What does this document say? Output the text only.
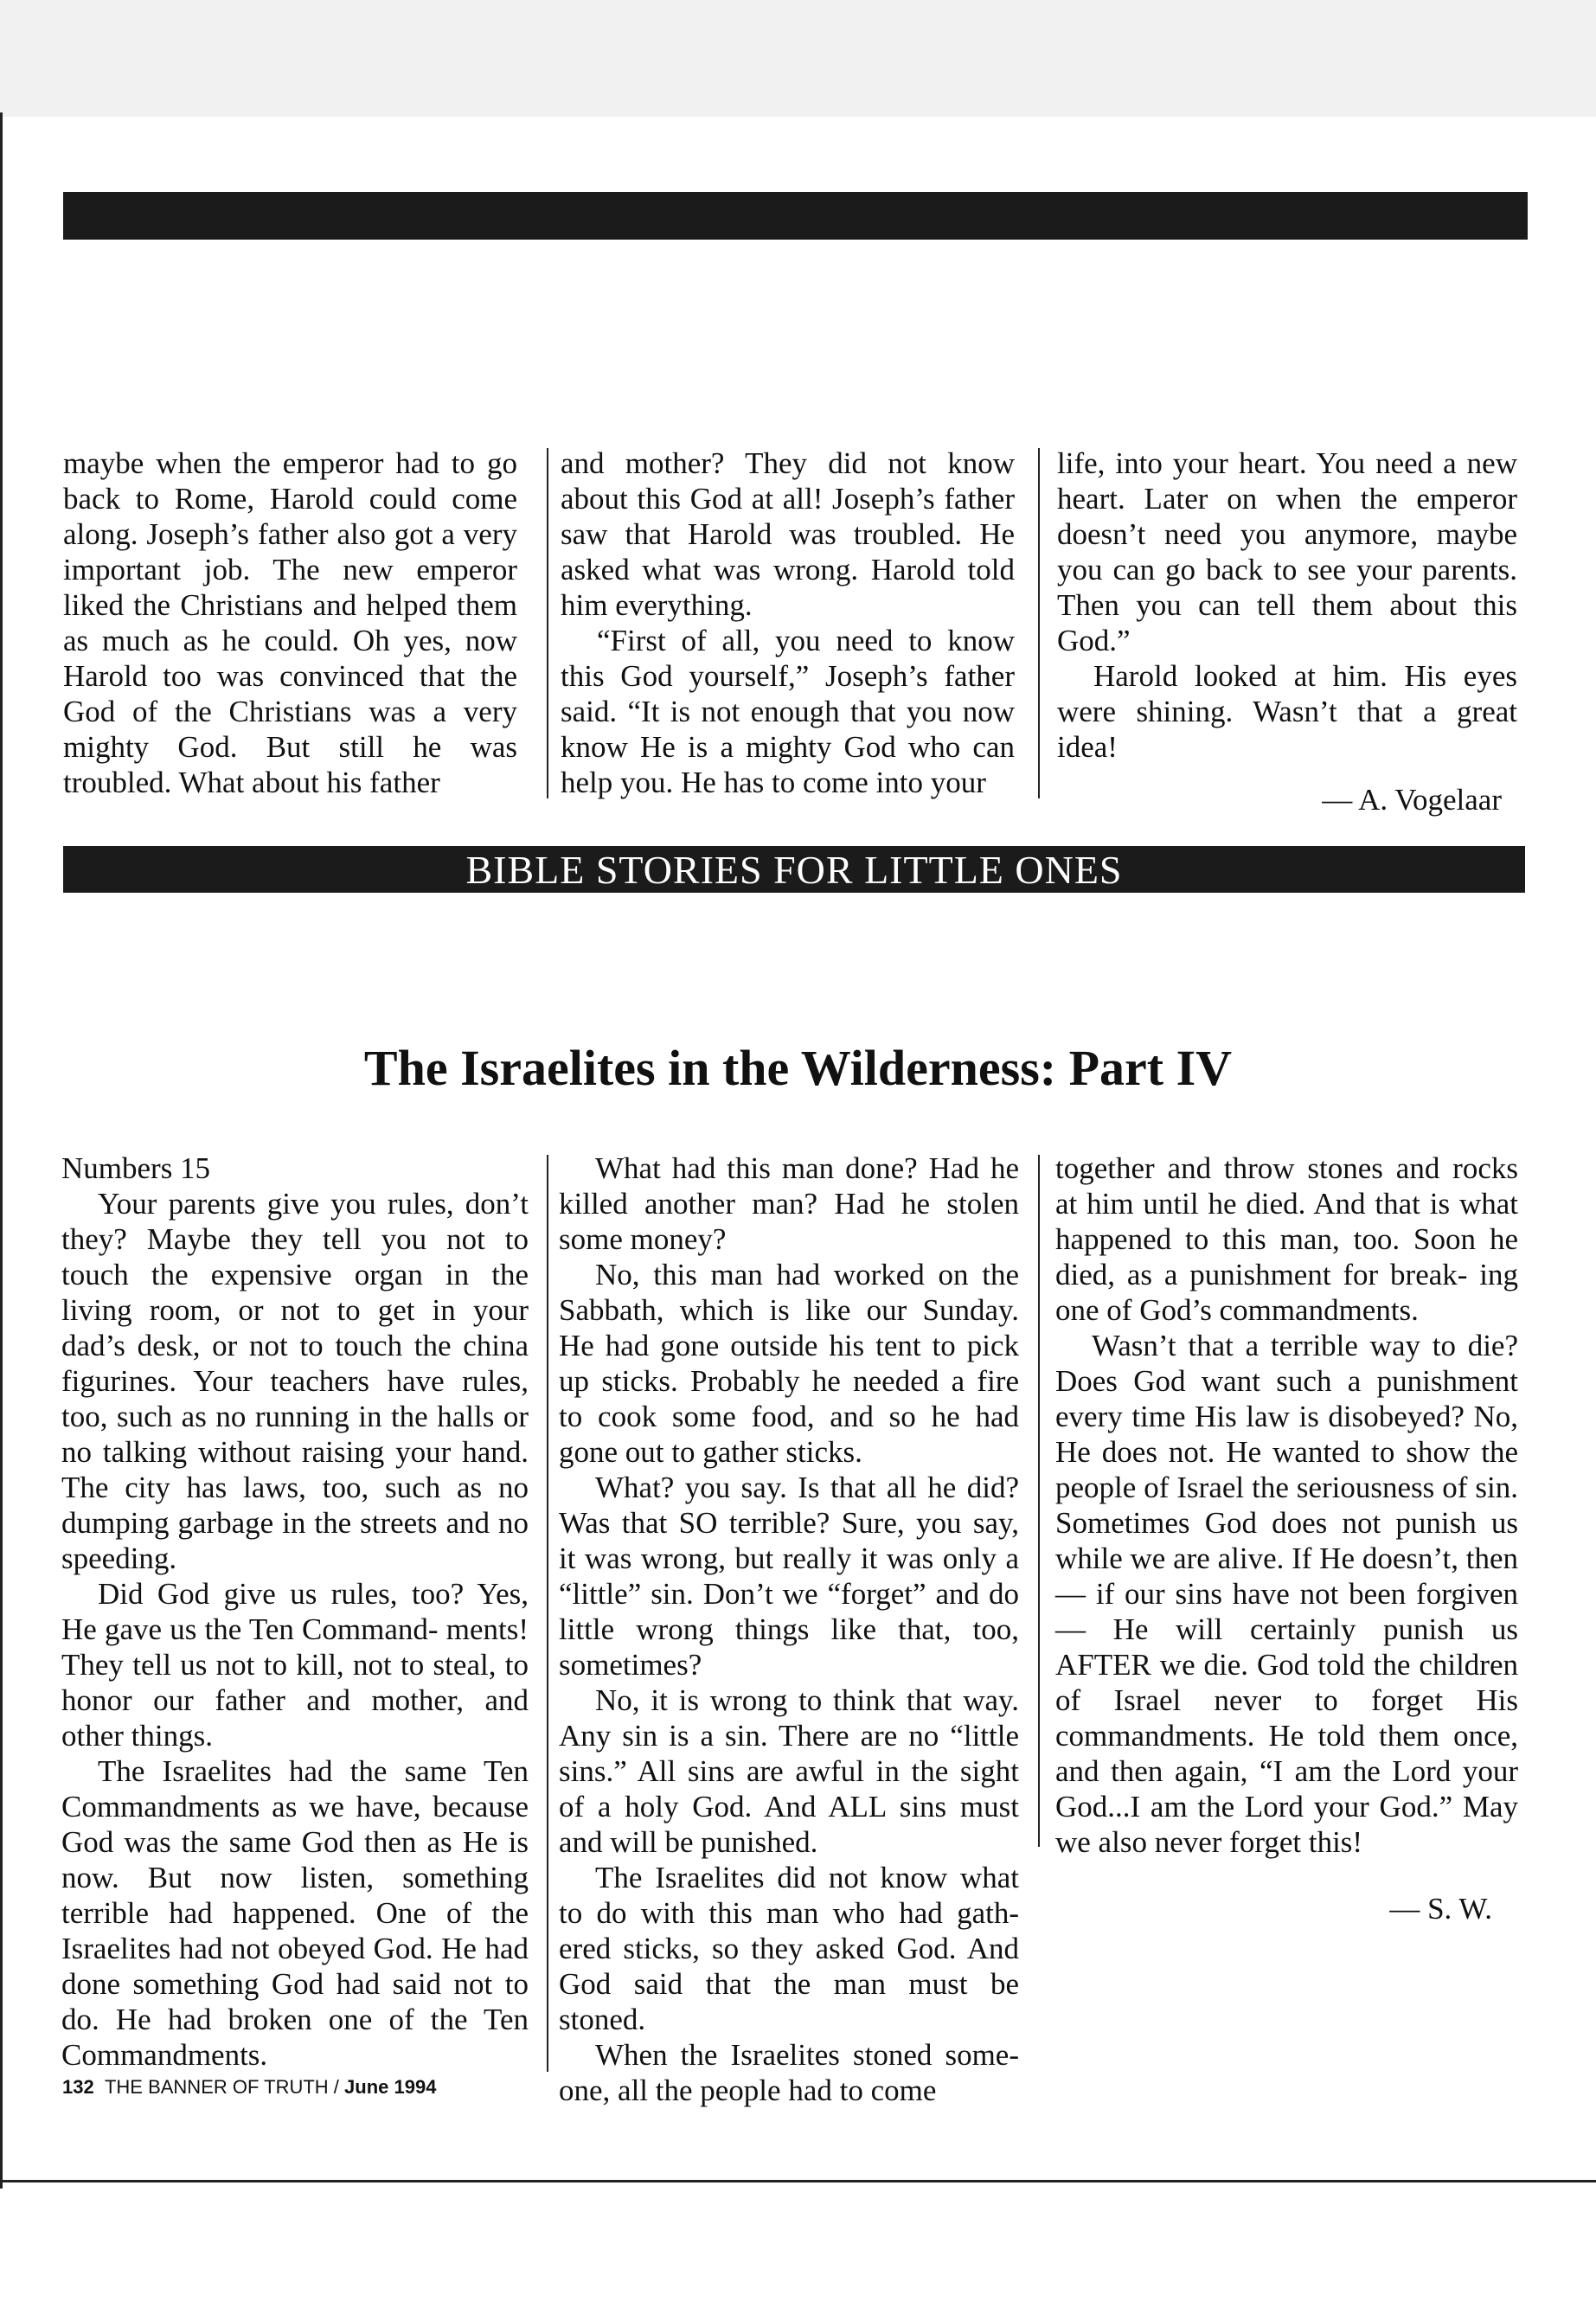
maybe when the emperor had to go back to Rome, Harold could come along. Joseph’s father also got a very important job. The new emperor liked the Christians and helped them as much as he could. Oh yes, now Harold too was convinced that the God of the Christians was a very mighty God. But still he was troubled. What about his father

and mother? They did not know about this God at all! Joseph’s father saw that Harold was troubled. He asked what was wrong. Harold told him everything.

“First of all, you need to know this God yourself,” Joseph’s father said. “It is not enough that you now know He is a mighty God who can help you. He has to come into your

life, into your heart. You need a new heart. Later on when the emperor doesn’t need you anymore, maybe you can go back to see your parents. Then you can tell them about this God.”

Harold looked at him. His eyes were shining. Wasn’t that a great idea!

— A. Vogelaar

BIBLE STORIES FOR LITTLE ONES
The Israelites in the Wilderness: Part IV

Numbers 15

Your parents give you rules, don’t they? Maybe they tell you not to touch the expensive organ in the living room, or not to get in your dad’s desk, or not to touch the china figurines. Your teachers have rules, too, such as no running in the halls or no talking without raising your hand. The city has laws, too, such as no dumping garbage in the streets and no speeding.

Did God give us rules, too? Yes, He gave us the Ten Command- ments! They tell us not to kill, not to steal, to honor our father and mother, and other things.

The Israelites had the same Ten Commandments as we have, because God was the same God then as He is now. But now listen, something terrible had happened. One of the Israelites had not obeyed God. He had done something God had said not to do. He had broken one of the Ten Commandments.

What had this man done? Had he killed another man? Had he stolen some money?

No, this man had worked on the Sabbath, which is like our Sunday. He had gone outside his tent to pick up sticks. Probably he needed a fire to cook some food, and so he had gone out to gather sticks.

What? you say. Is that all he did? Was that SO terrible? Sure, you say, it was wrong, but really it was only a “little” sin. Don’t we “forget” and do little wrong things like that, too, sometimes?

No, it is wrong to think that way. Any sin is a sin. There are no “little sins.” All sins are awful in the sight of a holy God. And ALL sins must and will be punished.

The Israelites did not know what to do with this man who had gath- ered sticks, so they asked God. And God said that the man must be stoned.

When the Israelites stoned some- one, all the people had to come

together and throw stones and rocks at him until he died. And that is what happened to this man, too. Soon he died, as a punishment for break- ing one of God’s commandments.

Wasn’t that a terrible way to die? Does God want such a punishment every time His law is disobeyed? No, He does not. He wanted to show the people of Israel the seriousness of sin. Sometimes God does not punish us while we are alive. If He doesn’t, then — if our sins have not been forgiven — He will certainly punish us AFTER we die. God told the children of Israel never to forget His commandments. He told them once, and then again, “I am the Lord your God...I am the Lord your God.” May we also never forget this!

— S. W.

132 THE BANNER OF TRUTH / June 1994
